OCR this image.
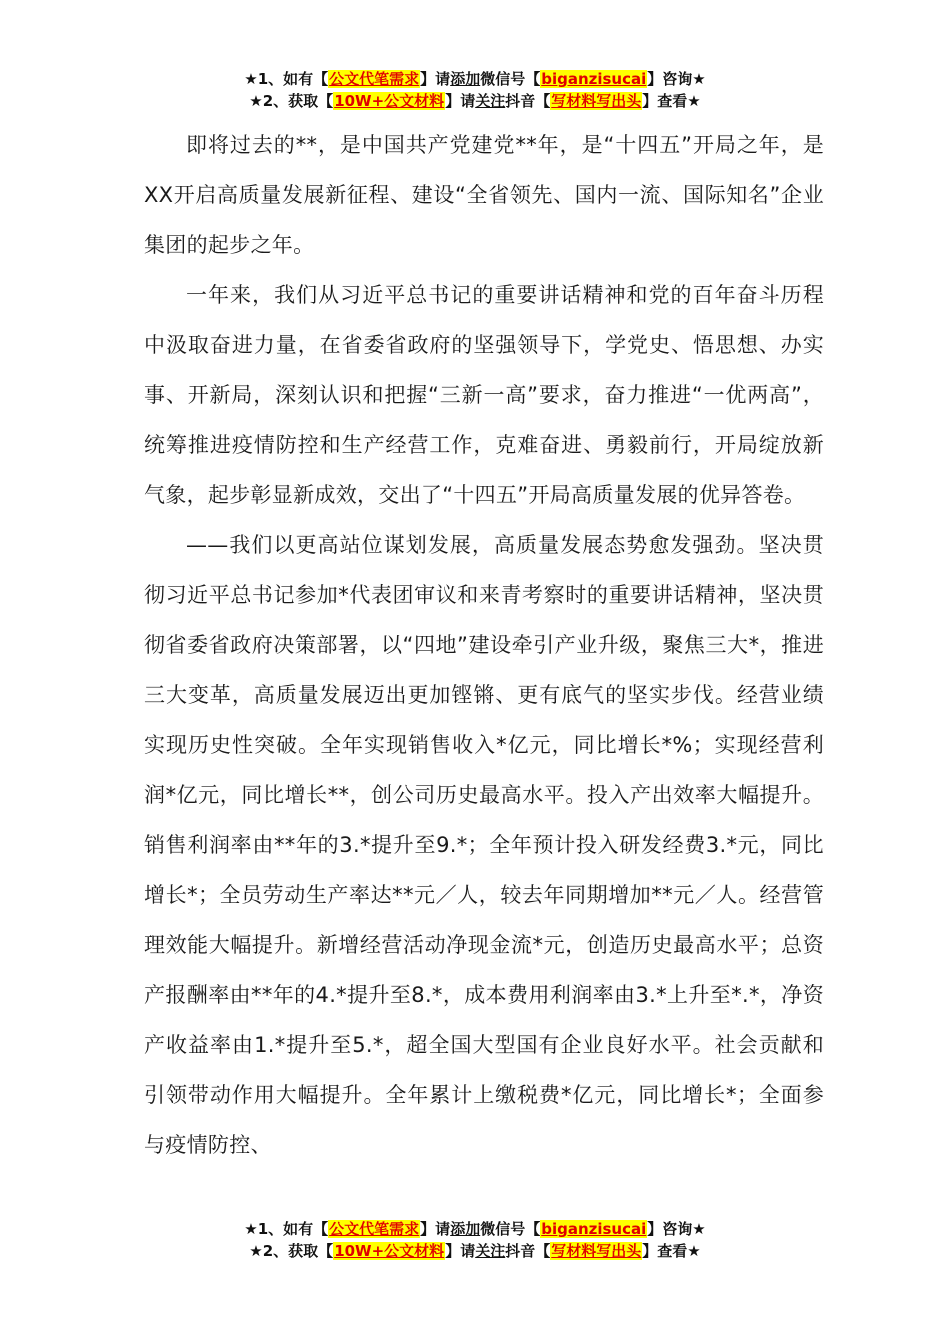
★1、如有【公文代笔需求】请添加微信号【biganzisucai】咨询★
★2、获取【10W+公文材料】请关注抖音【写材料写出头】查看★

即将过去的**，是中国共产党建党**年，是“十四五”开局之年，是XX开启高质量发展新征程、建设“全省领先、国内一流、国际知名”企业集团的起步之年。

一年来，我们从习近平总书记的重要讲话精神和党的百年奋斗历程中汲取奋进力量，在省委省政府的坚强领导下，学党史、悟思想、办实事、开新局，深刻认识和把握“三新一高”要求，奋力推进“一优两高”，统筹推进疫情防控和生产经营工作，克难奋进、勇毅前行，开局绽放新气象，起步彰显新成效，交出了“十四五”开局高质量发展的优异答卷。

——我们以更高站位谋划发展，高质量发展态势愈发强劲。坚决贯彻习近平总书记参加*代表团审议和来青考察时的重要讲话精神，坚决贯彻省委省政府决策部署，以“四地”建设牵引产业升级，聚焦三大*，推进三大变革，高质量发展迈出更加铿锵、更有底气的坚实步伐。经营业绩实现历史性突破。全年实现销售收入*亿元，同比增长*%；实现经营利润*亿元，同比增长**，创公司历史最高水平。投入产出效率大幅提升。销售利润率由**年的3.*提升至9.*；全年预计投入研发经费3.*元，同比增长*；全员劳动生产率达**元／人，较去年同期增加**元／人。经营管理效能大幅提升。新增经营活动净现金流*元，创造历史最高水平；总资产报酬率由**年的4.*提升至8.*，成本费用利润率由3.*上升至*.*，净资产收益率由1.*提升至5.*，超全国大型国有企业良好水平。社会贡献和引领带动作用大幅提升。全年累计上缴税费*亿元，同比增长*；全面参与疫情防控、

★1、如有【公文代笔需求】请添加微信号【biganzisucai】咨询★
★2、获取【10W+公文材料】请关注抖音【写材料写出头】查看★
